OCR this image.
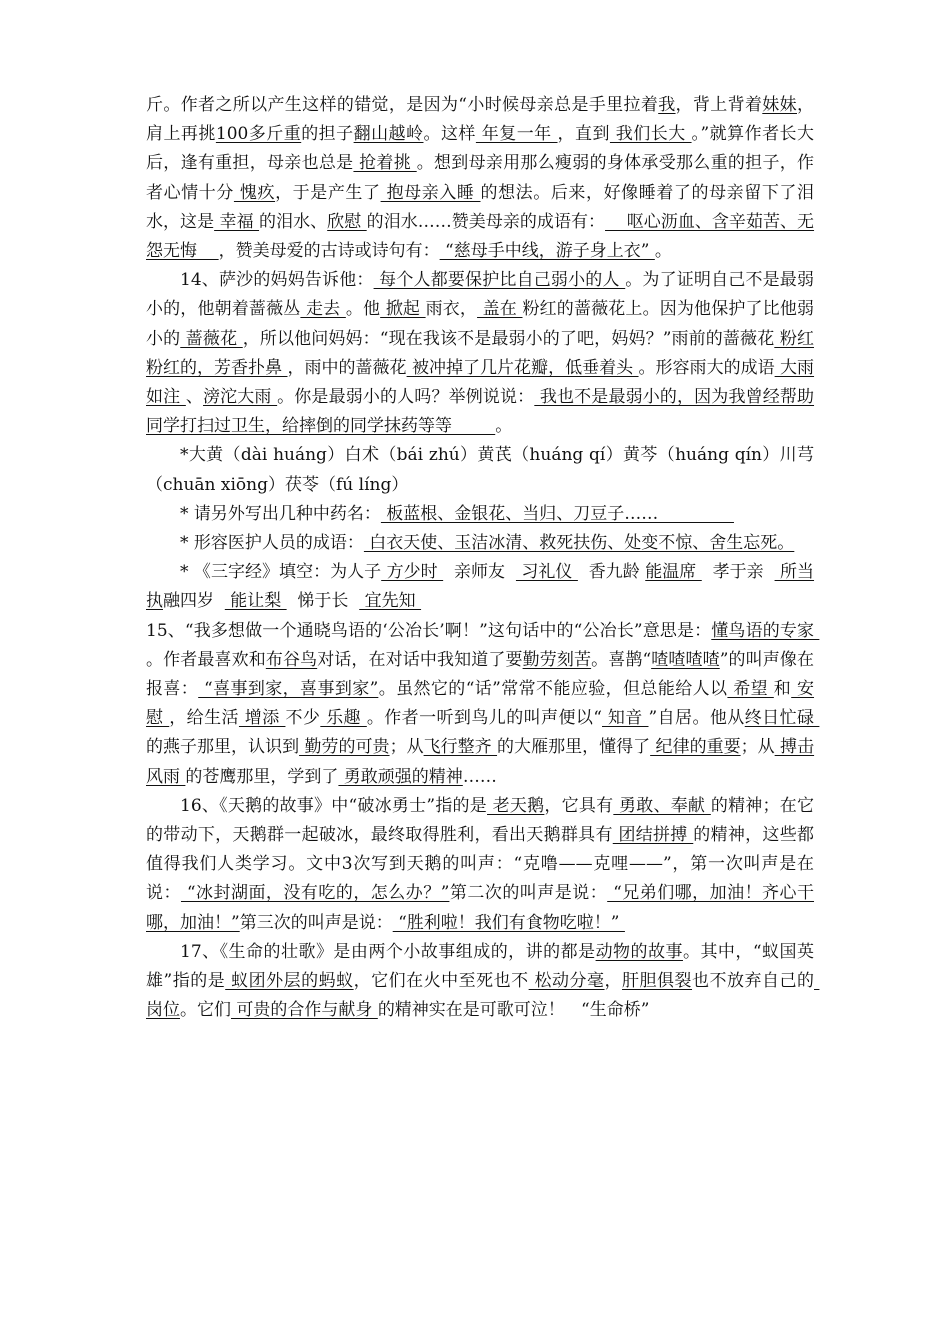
斤。作者之所以产生这样的错觉，是因为“小时候母亲总是手里拉着我，背上背着妹妹，肩上再挑100多斤重的担子翻山越岭。这样 年复一年 ，直到 我们长大 。”就算作者长大后，逢有重担，母亲也总是 抢着挑 。想到母亲用那么瘦弱的身体承受那么重的担子，作者心情十分 愧疚，于是产生了 抱母亲入睡 的想法。后来，好像睡着了的母亲留下了泪水，这是 幸福 的泪水、欣慰 的泪水……赞美母亲的成语有：    呕心沥血、含辛茹苦、无怨无悔    ，赞美母爱的古诗或诗句有： “慈母手中线，游子身上衣” 。

14、萨沙的妈妈告诉他： 每个人都要保护比自己弱小的人 。为了证明自己不是最弱小的，他朝着蔷薇丛 走去 。他 掀起 雨衣， 盖在 粉红的蔷薇花上。因为他保护了比他弱小的 蔷薇花 ，所以他问妈妈：“现在我该不是最弱小的了吧，妈妈？”雨前的蔷薇花 粉红粉红的，芳香扑鼻 ，雨中的蔷薇花 被冲掉了几片花瓣，低垂着头 。形容雨大的成语 大雨如注 、滂沱大雨 。你是最弱小的人吗？举例说说： 我也不是最弱小的，因为我曾经帮助同学打扫过卫生，给摔倒的同学抹药等等        。

*大黄（dài huáng）白术（bái zhú）黄芪（huáng qí）黄芩（huáng qín）川芎（chuān xiōng）茯苓（fú líng）

* 请另外写出几种中药名： 板蓝根、金银花、当归、刀豆子……

* 形容医护人员的成语： 白衣天使、玉洁冰清、救死扶伤、处变不惊、舍生忘死。

* 《三字经》填空：为人子 方少时   亲师友   习礼仪   香九龄 能温席   孝于亲   所当执融四岁   能让梨   悌于长   宜先知

15、“我多想做一个通晓鸟语的‘公冶长’啊！”这句话中的“公冶长”意思是：懂鸟语的专家 。作者最喜欢和布谷鸟对话，在对话中我知道了要勤劳刻苦。喜鹊“喳喳喳喳”的叫声像在报喜： “喜事到家，喜事到家”。虽然它的“话”常常不能应验，但总能给人以 希望 和 安慰 ，给生活 增添 不少 乐趣 。作者一听到鸟儿的叫声便以“ 知音 ”自居。他从终日忙碌 的燕子那里，认识到 勤劳的可贵；从飞行整齐 的大雁那里，懂得了 纪律的重要；从 搏击风雨 的苍鹰那里，学到了 勇敢顽强的精神……

16、《天鹅的故事》中“破冰勇士”指的是 老天鹅，它具有 勇敢、奉献 的精神；在它的带动下，天鹅群一起破冰，最终取得胜利，看出天鹅群具有 团结拼搏 的精神，这些都值得我们人类学习。文中3次写到天鹅的叫声：“克噜——克哩——”，第一次叫声是在说： “冰封湖面，没有吃的，怎么办？”第二次的叫声是说： “兄弟们哪，加油！齐心干哪，加油！”第三次的叫声是说： “胜利啦！我们有食物吃啦！”

17、《生命的壮歌》是由两个小故事组成的，讲的都是动物的故事。其中，“蚁国英雄”指的是 蚁团外层的蚂蚁，它们在火中至死也不 松动分毫，肝胆俱裂也不放弃自己的 岗位。它们 可贵的合作与献身 的精神实在是可歌可泣！   “生命桥”
